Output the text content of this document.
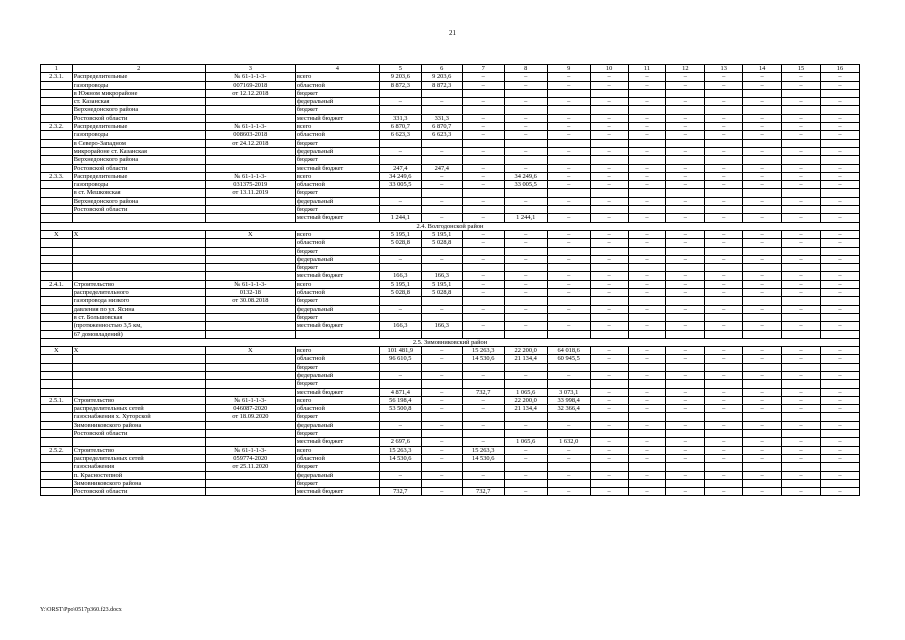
21
1	2	3	4	5	6	7	8	9	10	11	12	13	14	15	16
2.3.1.	Распределительные	№ 61-1-1-3-	всего	9 203,6	9 203,6	–	–	–	–	–	–	–	–	–	–
	газопроводы	007169-2018	областной	8 872,3	8 872,3	–	–	–	–	–	–	–	–	–	–
	в Южном микрорайоне	от 12.12.2018	бюджет												
	ст. Казанская		федеральный	–	–	–	–	–	–	–	–	–	–	–	–
	Верхнедонского района		бюджет												
	Ростовской области		местный бюджет	331,3	331,3	–	–	–	–	–	–	–	–	–	–
2.3.2.	Распределительные	№ 61-1-1-3-	всего	6 870,7	6 870,7	–	–	–	–	–	–	–	–	–	–
	газопроводы	008603-2018	областной	6 623,3	6 623,3	–	–	–	–	–	–	–	–	–	–
	в Северо-Западном	от 24.12.2018	бюджет												
	микрорайоне ст. Казанская		федеральный	–	–	–	–	–	–	–	–	–	–	–	–
	Верхнедонского района		бюджет												
	Ростовской области		местный бюджет	247,4	247,4	–	–	–	–	–	–	–	–	–	–
2.3.3.	Распределительные	№ 61-1-1-3-	всего	34 249,6	–	–	34 249,6	–	–	–	–	–	–	–	–
	газопроводы	031375-2019	областной	33 005,5	–	–	33 005,5	–	–	–	–	–	–	–	–
	в ст. Мешковская	от 13.11.2019	бюджет												
	Верхнедонского района		федеральный	–	–	–	–	–	–	–	–	–	–	–	–
	Ростовской области		бюджет												
			местный бюджет	1 244,1	–	–	1 244,1	–	–	–	–	–	–	–	–
2.4. Волгодонской район															
X	X	X	всего	5 195,1	5 195,1	–	–	–	–	–	–	–	–	–	–
			областной	5 028,8	5 028,8	–	–	–	–	–	–	–	–	–	–
			бюджет												
			федеральный	–	–	–	–	–	–	–	–	–	–	–	–
			бюджет												
			местный бюджет	166,3	166,3	–	–	–	–	–	–	–	–	–	–
2.4.1.	Строительство	№ 61-1-1-3-	всего	5 195,1	5 195,1	–	–	–	–	–	–	–	–	–	–
	распределительного	0132-18	областной	5 028,8	5 028,8	–	–	–	–	–	–	–	–	–	–
	газопровода низкого	от 30.08.2018	бюджет												
	давления по ул. Ясина		федеральный	–	–	–	–	–	–	–	–	–	–	–	–
	в ст. Большовская		бюджет												
	(протяженностью 3,5 км,		местный бюджет	166,3	166,3	–	–	–	–	–	–	–	–	–	–
	67 домовладений)														
2.5. Зимовниковский район															
X	X	X	всего	101 481,9	–	15 263,3	22 200,0	64 018,6	–	–	–	–	–	–	–
			областной	96 610,5	–	14 530,6	21 134,4	60 945,5	–	–	–	–	–	–	–
			бюджет												
			федеральный	–	–	–	–	–	–	–	–	–	–	–	–
			бюджет												
			местный бюджет	4 871,4	–	732,7	1 065,6	3 073,1	–	–	–	–	–	–	–
2.5.1.	Строительство	№ 61-1-1-3-	всего	56 198,4	–	–	22 200,0	33 998,4	–	–	–	–	–	–	–
	распределительных сетей	046087-2020	областной	53 500,8	–	–	21 134,4	32 366,4	–	–	–	–	–	–	–
	газоснабжения х. Хуторской	от 18.09.2020	бюджет												
	Зимовниковского района		федеральный	–	–	–	–	–	–	–	–	–	–	–	–
	Ростовской области		бюджет												
			местный бюджет	2 697,6	–	–	1 065,6	1 632,0	–	–	–	–	–	–	–
2.5.2.	Строительство	№ 61-1-1-3-	всего	15 263,3	–	15 263,3	–	–	–	–	–	–	–	–	–
	распределительных сетей	059774-2020	областной	14 530,6	–	14 530,6	–	–	–	–	–	–	–	–	–
	газоснабжения	от 25.11.2020	бюджет												
	п. Красностепной		федеральный	–	–	–	–	–	–	–	–	–	–	–	–
	Зимовниковского района		бюджет												
	Ростовской области		местный бюджет	732,7	–	732,7	–	–	–	–	–	–	–	–	–
Y:\ORST\Ppo\0517p360.f23.docx
